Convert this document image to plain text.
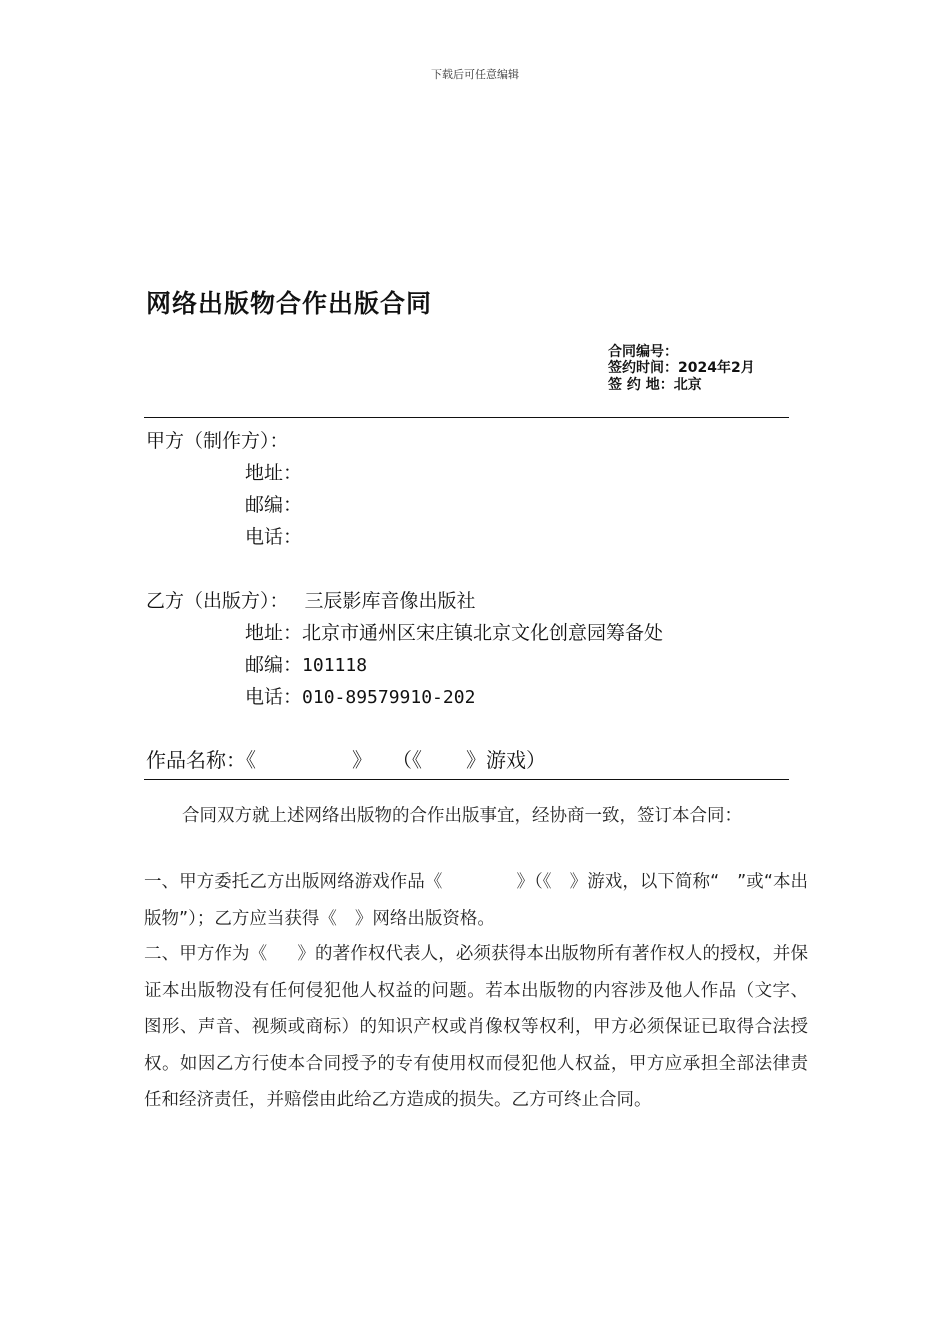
下载后可任意编辑
网络出版物合作出版合同
合同编号：
签约时间：2024年2月
签 约 地：北京
甲方（制作方）：
地址：
邮编：
电话：
乙方（出版方）： 三辰影库音像出版社
地址：北京市通州区宋庄镇北京文化创意园筹备处
邮编：101118
电话：010-89579910-202
作品名称：《	》 （《 》游戏）
合同双方就上述网络出版物的合作出版事宜，经协商一致，签订本合同：
一、甲方委托乙方出版网络游戏作品《	》（《 》游戏，以下简称“ ”或“本出版物”）；乙方应当获得《 》网络出版资格。
二、甲方作为《 》的著作权代表人，必须获得本出版物所有著作权人的授权，并保证本出版物没有任何侵犯他人权益的问题。若本出版物的内容涉及他人作品（文字、图形、声音、视频或商标）的知识产权或肖像权等权利，甲方必须保证已取得合法授权。如因乙方行使本合同授予的专有使用权而侵犯他人权益，甲方应承担全部法律责任和经济责任，并赔偿由此给乙方造成的损失。乙方可终止合同。
